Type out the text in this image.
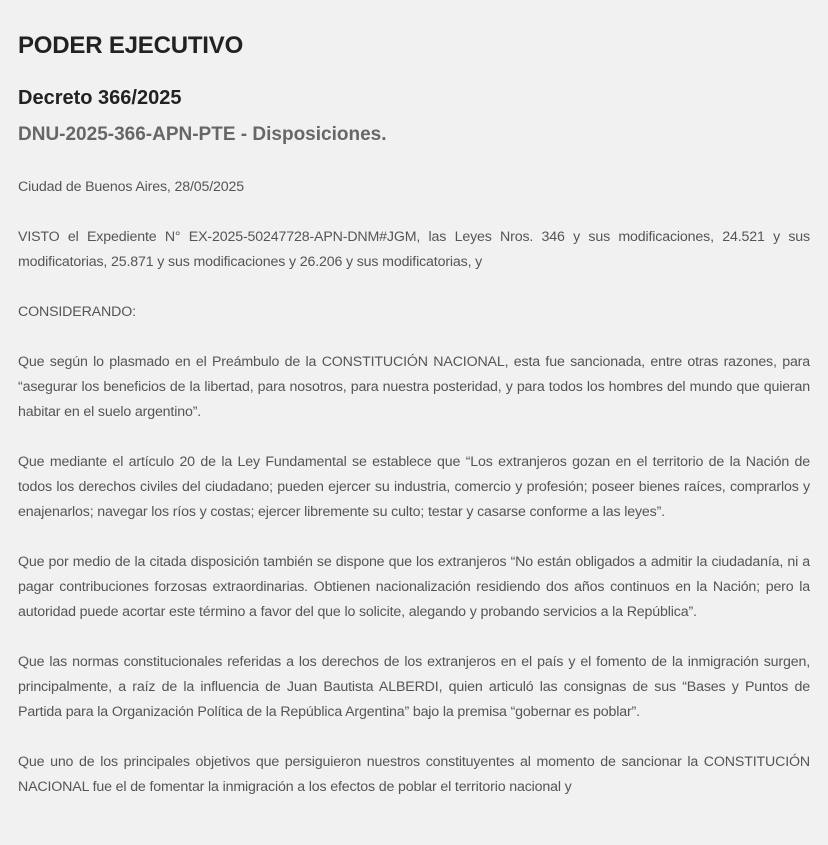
PODER EJECUTIVO
Decreto 366/2025
DNU-2025-366-APN-PTE - Disposiciones.

Ciudad de Buenos Aires, 28/05/2025

VISTO el Expediente N° EX-2025-50247728-APN-DNM#JGM, las Leyes Nros. 346 y sus modificaciones, 24.521 y sus modificatorias, 25.871 y sus modificaciones y 26.206 y sus modificatorias, y

CONSIDERANDO:

Que según lo plasmado en el Preámbulo de la CONSTITUCIÓN NACIONAL, esta fue sancionada, entre otras razones, para “asegurar los beneficios de la libertad, para nosotros, para nuestra posteridad, y para todos los hombres del mundo que quieran habitar en el suelo argentino”.

Que mediante el artículo 20 de la Ley Fundamental se establece que “Los extranjeros gozan en el territorio de la Nación de todos los derechos civiles del ciudadano; pueden ejercer su industria, comercio y profesión; poseer bienes raíces, comprarlos y enajenarlos; navegar los ríos y costas; ejercer libremente su culto; testar y casarse conforme a las leyes”.

Que por medio de la citada disposición también se dispone que los extranjeros “No están obligados a admitir la ciudadanía, ni a pagar contribuciones forzosas extraordinarias. Obtienen nacionalización residiendo dos años continuos en la Nación; pero la autoridad puede acortar este término a favor del que lo solicite, alegando y probando servicios a la República”.

Que las normas constitucionales referidas a los derechos de los extranjeros en el país y el fomento de la inmigración surgen, principalmente, a raíz de la influencia de Juan Bautista ALBERDI, quien articuló las consignas de sus “Bases y Puntos de Partida para la Organización Política de la República Argentina” bajo la premisa “gobernar es poblar”.

Que uno de los principales objetivos que persiguieron nuestros constituyentes al momento de sancionar la CONSTITUCIÓN NACIONAL fue el de fomentar la inmigración a los efectos de poblar el territorio nacional y
